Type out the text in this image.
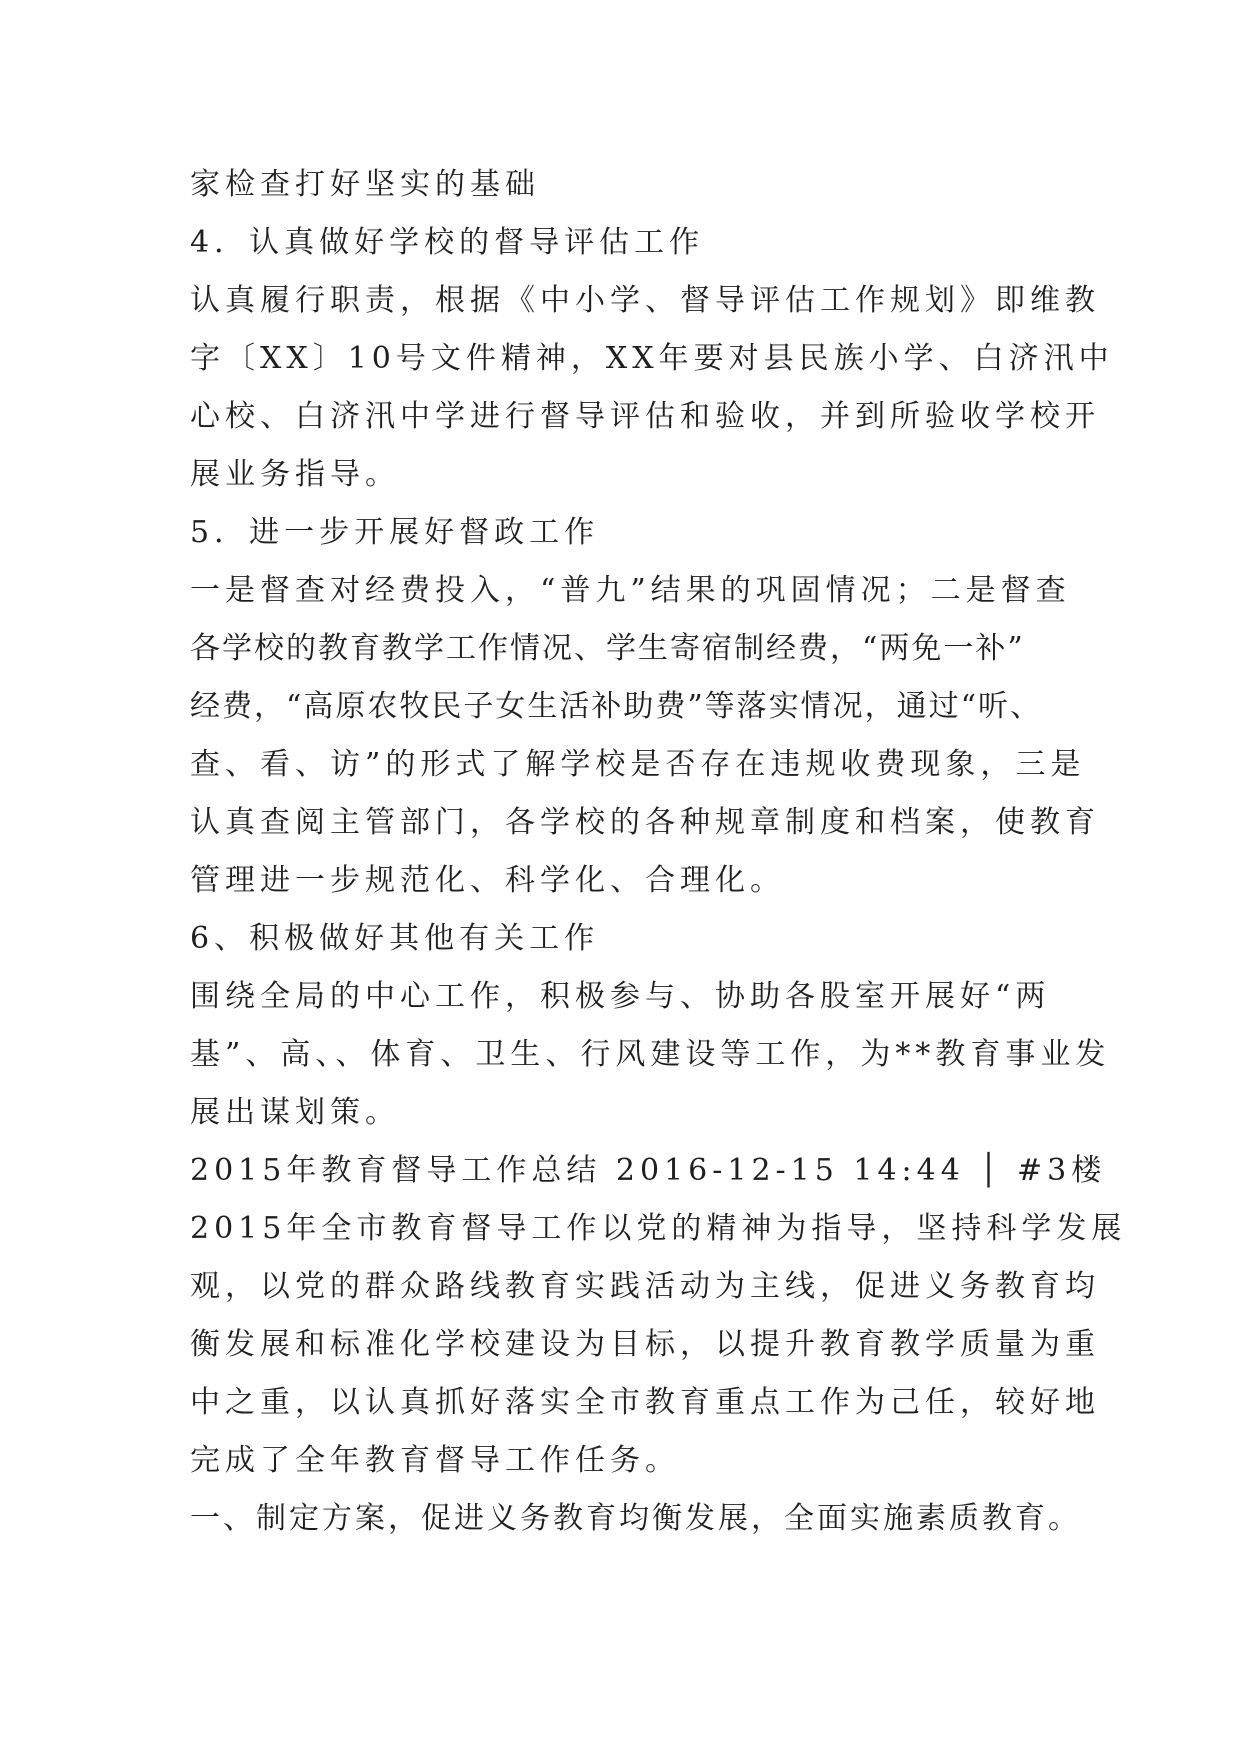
家检查打好坚实的基础
4．认真做好学校的督导评估工作
认真履行职责，根据《中小学、督导评估工作规划》即维教
字〔XX〕10号文件精神，XX年要对县民族小学、白济汛中
心校、白济汛中学进行督导评估和验收，并到所验收学校开
展业务指导。
5．进一步开展好督政工作
一是督查对经费投入，“普九”结果的巩固情况；二是督查
各学校的教育教学工作情况、学生寄宿制经费，“两免一补”
经费，“高原农牧民子女生活补助费”等落实情况，通过“听、
查、看、访”的形式了解学校是否存在违规收费现象，三是
认真查阅主管部门，各学校的各种规章制度和档案，使教育
管理进一步规范化、科学化、合理化。
6、积极做好其他有关工作
围绕全局的中心工作，积极参与、协助各股室开展好“两
基”、高、、体育、卫生、行风建设等工作，为**教育事业发
展出谋划策。
2015年教育督导工作总结 2016-12-15 14:44 │ #3楼
2015年全市教育督导工作以党的精神为指导，坚持科学发展
观，以党的群众路线教育实践活动为主线，促进义务教育均
衡发展和标准化学校建设为目标，以提升教育教学质量为重
中之重，以认真抓好落实全市教育重点工作为己任，较好地
完成了全年教育督导工作任务。
一、制定方案，促进义务教育均衡发展，全面实施素质教育。
